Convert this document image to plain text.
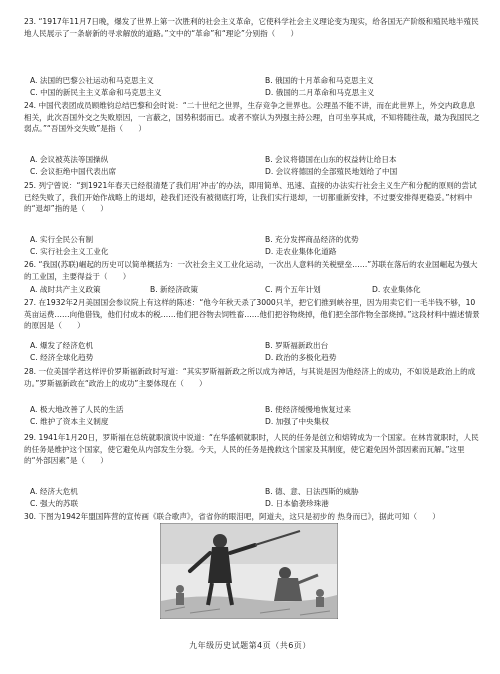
23. “1917年11月7日晚，爆发了世界上第一次胜利的社会主义革命，它使科学社会主义理论变为现实，给各国无产阶级和殖民地半殖民地人民展示了一条崭新的寻求解放的道路。”文中的“革命”和“理论”分别指（　　）

A. 法国的巴黎公社运动和马克思主义	B. 俄国的十月革命和马克思主义
C. 中国的新民主主义革命和马克思主义	D. 俄国的二月革命和马克思主义

24. 中国代表团成员顾维钧总结巴黎和会时说：“二十世纪之世界，生存竞争之世界也。公理虽不能不讲，而在此世界上，外交内政息息相关，此次吾国外交之失败原因，一言蔽之，国势积弱而已。或者不察认为列强主持公理，自可坐享其成，不知将随往哉，最为我国民之弱点。”“吾国外交失败”是指（　　）

A. 会议被英法等国操纵	B. 会议将德国在山东的权益转让给日本
C. 会议拒绝中国代表出席	D. 会议将德国的全部殖民地划给了中国

25. 列宁曾说：“到1921年春天已经很清楚了我们用‘冲击’的办法，即用简单、迅速、直接的办法实行社会主义生产和分配的原则的尝试已经失败了，我们开始作战略上的退却，趁我们还没有被彻底打垮，让我们实行退却，一切都重新安排，不过要安排得更稳妥。”材料中的“退却”指的是（　　）

A. 实行全民公有制	B. 充分发挥商品经济的优势
C. 实行社会主义工业化	D. 走农业集体化道路

26. “我国(苏联)崛起的历史可以简单概括为：一次社会主义工业化运动，一次出人意料的关税壁垒……”苏联在落后的农业国崛起为强大的工业国，主要得益于（　　）

A. 战时共产主义政策	B. 新经济政策	C. 两个五年计划	D. 农业集体化

27. 在1932年2月美国国会参议院上有这样的陈述：“他今年秋天杀了3000只羊，把它们推到峡谷里，因为用卖它们一毛半钱不够，10英亩运费……向他借钱，他们付成本的税……他们把谷物去饲牲畜……他们把谷物烧掉，他们把全部作物全部烧掉。”这段材料中描述情景的原因是（　　）

A. 爆发了经济危机	B. 罗斯福新政出台
C. 经济全球化趋势	D. 政治的多极化趋势

28. 一位美国学者这样评价罗斯福新政时写道：“其实罗斯福新政之所以成为神话，与其说是因为他经济上的成功，不如说是政治上的成功。”罗斯福新政在“政治上的成功”主要体现在（　　）

A. 极大地改善了人民的生活	B. 使经济缓慢地恢复过来
C. 维护了资本主义制度	D. 加强了中央集权

29. 1941年1月20日，罗斯福在总统就职演说中说道：“在华盛顿就职时，人民的任务是创立和熔铸成为一个国家。在林肯就职时，人民的任务是维护这个国家，使它避免从内部发生分裂。今天，人民的任务是挽救这个国家及其制度，使它避免因外部因素而瓦解。”这里的“外部因素”是（　　）

A. 经济大危机	B. 德、意、日法西斯的威胁
C. 强大的苏联	D. 日本偷袭珍珠港

30. 下图为1942年盟国阵营的宣传画《联合歌声》，省省你的眼泪吧，阿道夫，这只是初步的 热身而已》，据此可知（　　）

九年级历史试题第4页（共6页）
